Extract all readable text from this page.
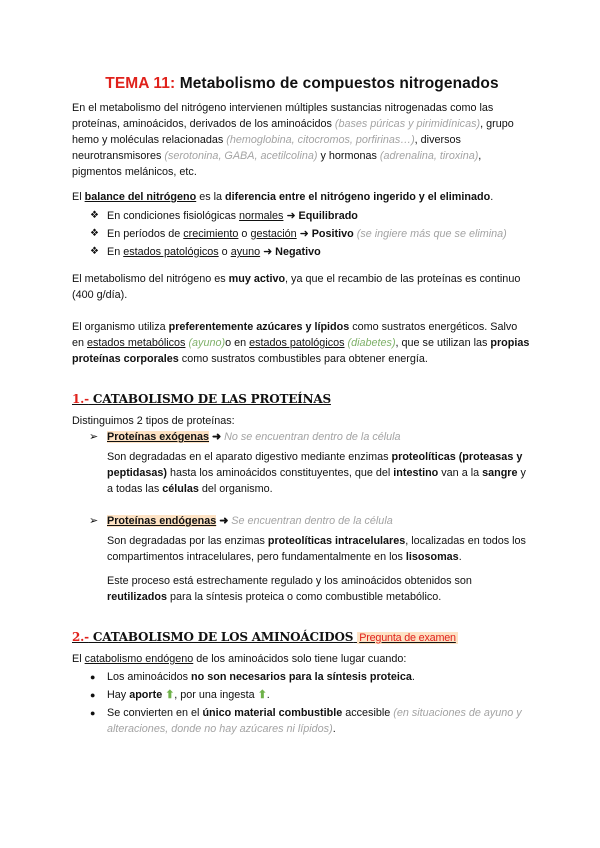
TEMA 11: Metabolismo de compuestos nitrogenados

En el metabolismo del nitrógeno intervienen múltiples sustancias nitrogenadas como las proteínas, aminoácidos, derivados de los aminoácidos (bases púricas y pirimidínicas), grupo hemo y moléculas relacionadas (hemoglobina, citocromos, porfirinas…), diversos neurotransmisores (serotonina, GABA, acetilcolina) y hormonas (adrenalina, tiroxina), pigmentos melánicos, etc.

El balance del nitrógeno es la diferencia entre el nitrógeno ingerido y el eliminado.

❖ En condiciones fisiológicas normales ➜ Equilibrado
❖ En períodos de crecimiento o gestación ➜ Positivo (se ingiere más que se elimina)
❖ En estados patológicos o ayuno ➜ Negativo

El metabolismo del nitrógeno es muy activo, ya que el recambio de las proteínas es continuo (400 g/día).

El organismo utiliza preferentemente azúcares y lípidos como sustratos energéticos. Salvo en estados metabólicos (ayuno)o en estados patológicos (diabetes), que se utilizan las propias proteínas corporales como sustratos combustibles para obtener energía.

1.- CATABOLISMO DE LAS PROTEÍNAS

Distinguimos 2 tipos de proteínas:

➢ Proteínas exógenas ➜ No se encuentran dentro de la célula

Son degradadas en el aparato digestivo mediante enzimas proteolíticas (proteasas y peptidasas) hasta los aminoácidos constituyentes, que del intestino van a la sangre y a todas las células del organismo.

➢ Proteínas endógenas ➜ Se encuentran dentro de la célula

Son degradadas por las enzimas proteolíticas intracelulares, localizadas en todos los compartimentos intracelulares, pero fundamentalmente en los lisosomas.

Este proceso está estrechamente regulado y los aminoácidos obtenidos son reutilizados para la síntesis proteica o como combustible metabólico.

2.- CATABOLISMO DE LOS AMINOÁCIDOS Pregunta de examen

El catabolismo endógeno de los aminoácidos solo tiene lugar cuando:

● Los aminoácidos no son necesarios para la síntesis proteica.
● Hay aporte ⬆, por una ingesta ⬆.
● Se convierten en el único material combustible accesible (en situaciones de ayuno y alteraciones, donde no hay azúcares ni lípidos).
